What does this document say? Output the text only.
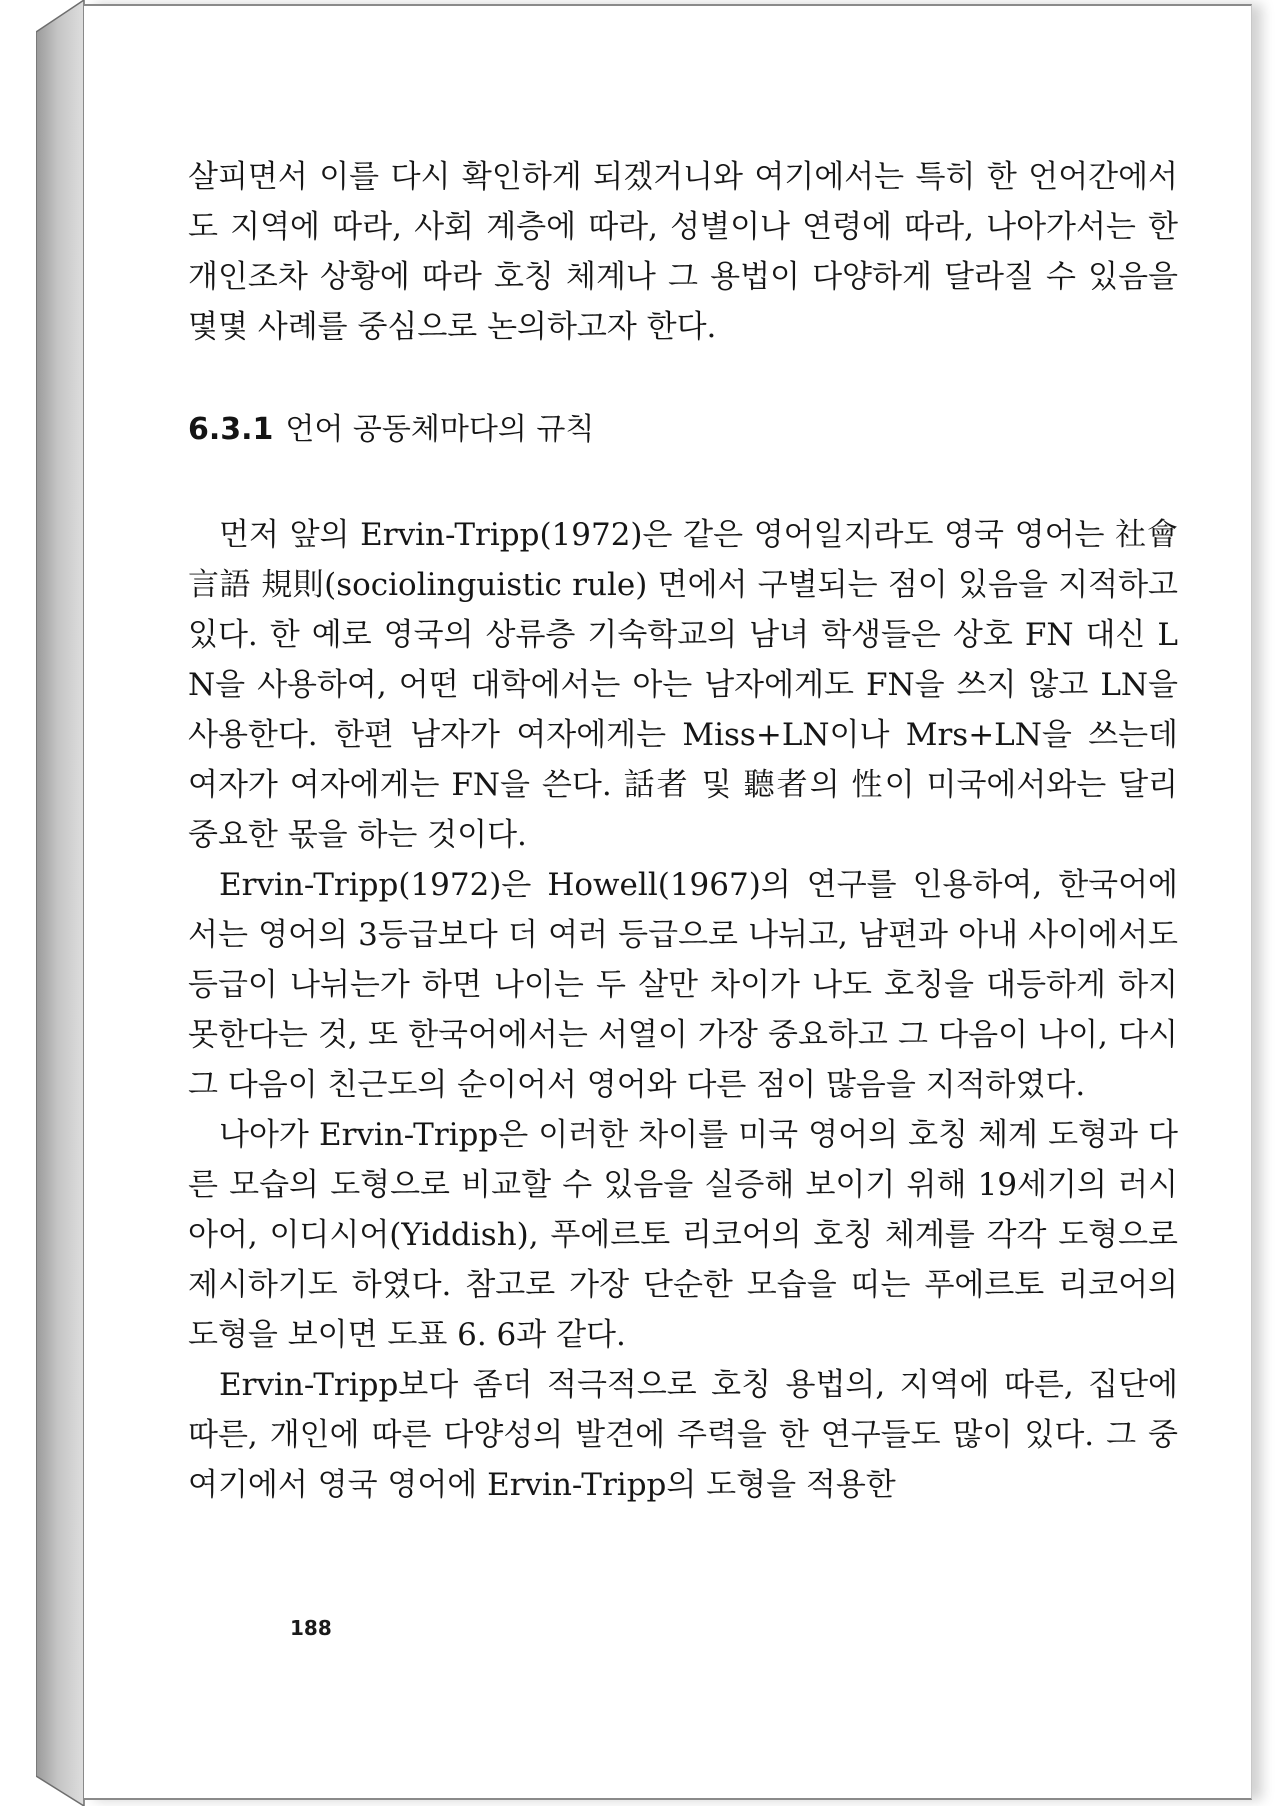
살피면서 이를 다시 확인하게 되겠거니와 여기에서는 특히 한 언어간에서도 지역에 따라, 사회 계층에 따라, 성별이나 연령에 따라, 나아가서는 한 개인조차 상황에 따라 호칭 체계나 그 용법이 다양하게 달라질 수 있음을 몇몇 사례를 중심으로 논의하고자 한다.

6.3.1 언어 공동체마다의 규칙

먼저 앞의 Ervin-Tripp(1972)은 같은 영어일지라도 영국 영어는 社會言語 規則(sociolinguistic rule) 면에서 구별되는 점이 있음을 지적하고 있다. 한 예로 영국의 상류층 기숙학교의 남녀 학생들은 상호 FN 대신 LN을 사용하여, 어떤 대학에서는 아는 남자에게도 FN을 쓰지 않고 LN을 사용한다. 한편 남자가 여자에게는 Miss+LN이나 Mrs+LN을 쓰는데 여자가 여자에게는 FN을 쓴다. 話者 및 聽者의 性이 미국에서와는 달리 중요한 몫을 하는 것이다.

Ervin-Tripp(1972)은 Howell(1967)의 연구를 인용하여, 한국어에서는 영어의 3등급보다 더 여러 등급으로 나뉘고, 남편과 아내 사이에서도 등급이 나뉘는가 하면 나이는 두 살만 차이가 나도 호칭을 대등하게 하지 못한다는 것, 또 한국어에서는 서열이 가장 중요하고 그 다음이 나이, 다시 그 다음이 친근도의 순이어서 영어와 다른 점이 많음을 지적하였다.

나아가 Ervin-Tripp은 이러한 차이를 미국 영어의 호칭 체계 도형과 다른 모습의 도형으로 비교할 수 있음을 실증해 보이기 위해 19세기의 러시아어, 이디시어(Yiddish), 푸에르토 리코어의 호칭 체계를 각각 도형으로 제시하기도 하였다. 참고로 가장 단순한 모습을 띠는 푸에르토 리코어의 도형을 보이면 도표 6. 6과 같다.

Ervin-Tripp보다 좀더 적극적으로 호칭 용법의, 지역에 따른, 집단에 따른, 개인에 따른 다양성의 발견에 주력을 한 연구들도 많이 있다. 그 중 여기에서 영국 영어에 Ervin-Tripp의 도형을 적용한

188
